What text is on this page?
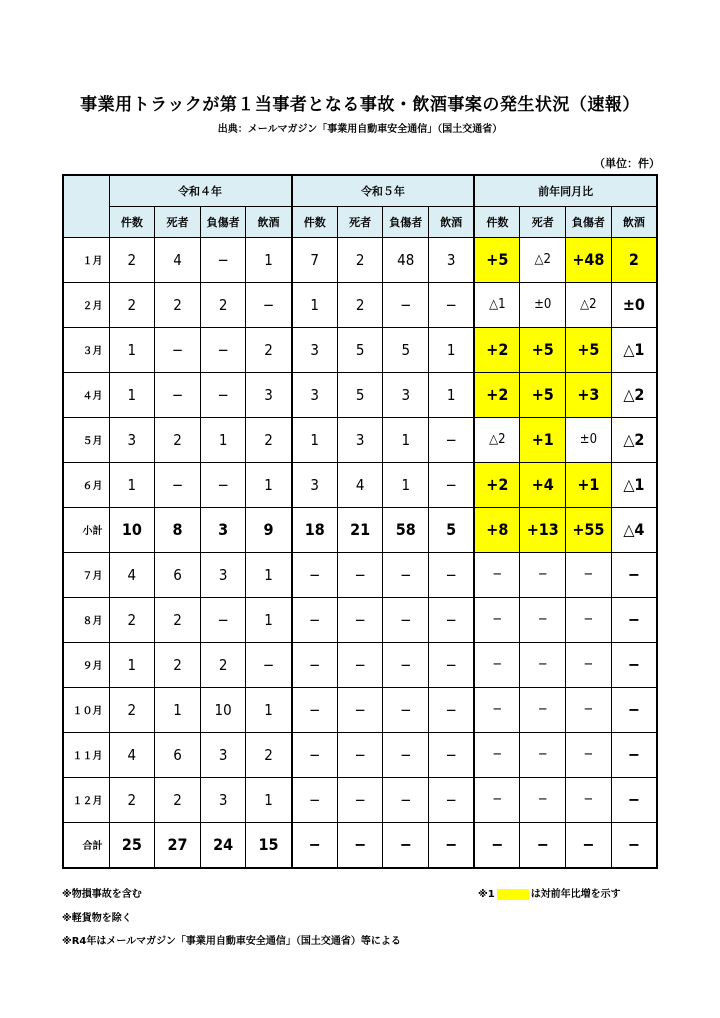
事業用トラックが第１当事者となる事故・飲酒事案の発生状況（速報）
出典：メールマガジン「事業用自動車安全通信」（国土交通省）
（単位：件）
	令和４年				令和５年				前年同月比			
	件数	死者	負傷者	飲酒	件数	死者	負傷者	飲酒	件数	死者	負傷者	飲酒
１月	2	4	−	1	7	2	48	3	+5	△2	+48	2
２月	2	2	2	−	1	2	−	−	△1	±0	△2	±0
３月	1	−	−	2	3	5	5	1	+2	+5	+5	△1
４月	1	−	−	3	3	5	3	1	+2	+5	+3	△2
５月	3	2	1	2	1	3	1	−	△2	+1	±0	△2
６月	1	−	−	1	3	4	1	−	+2	+4	+1	△1
小計	10	8	3	9	18	21	58	5	+8	+13	+55	△4
７月	4	6	3	1	−	−	−	−	−	−	−	−
８月	2	2	−	1	−	−	−	−	−	−	−	−
９月	1	2	2	−	−	−	−	−	−	−	−	−
１０月	2	1	10	1	−	−	−	−	−	−	−	−
１１月	4	6	3	2	−	−	−	−	−	−	−	−
１２月	2	2	3	1	−	−	−	−	−	−	−	−
合計	25	27	24	15	−	−	−	−	−	−	−	−
※物損事故を含む
※軽貨物を除く
※R4年はメールマガジン「事業用自動車安全通信」（国土交通省）等による
※1	は対前年比増を示す
